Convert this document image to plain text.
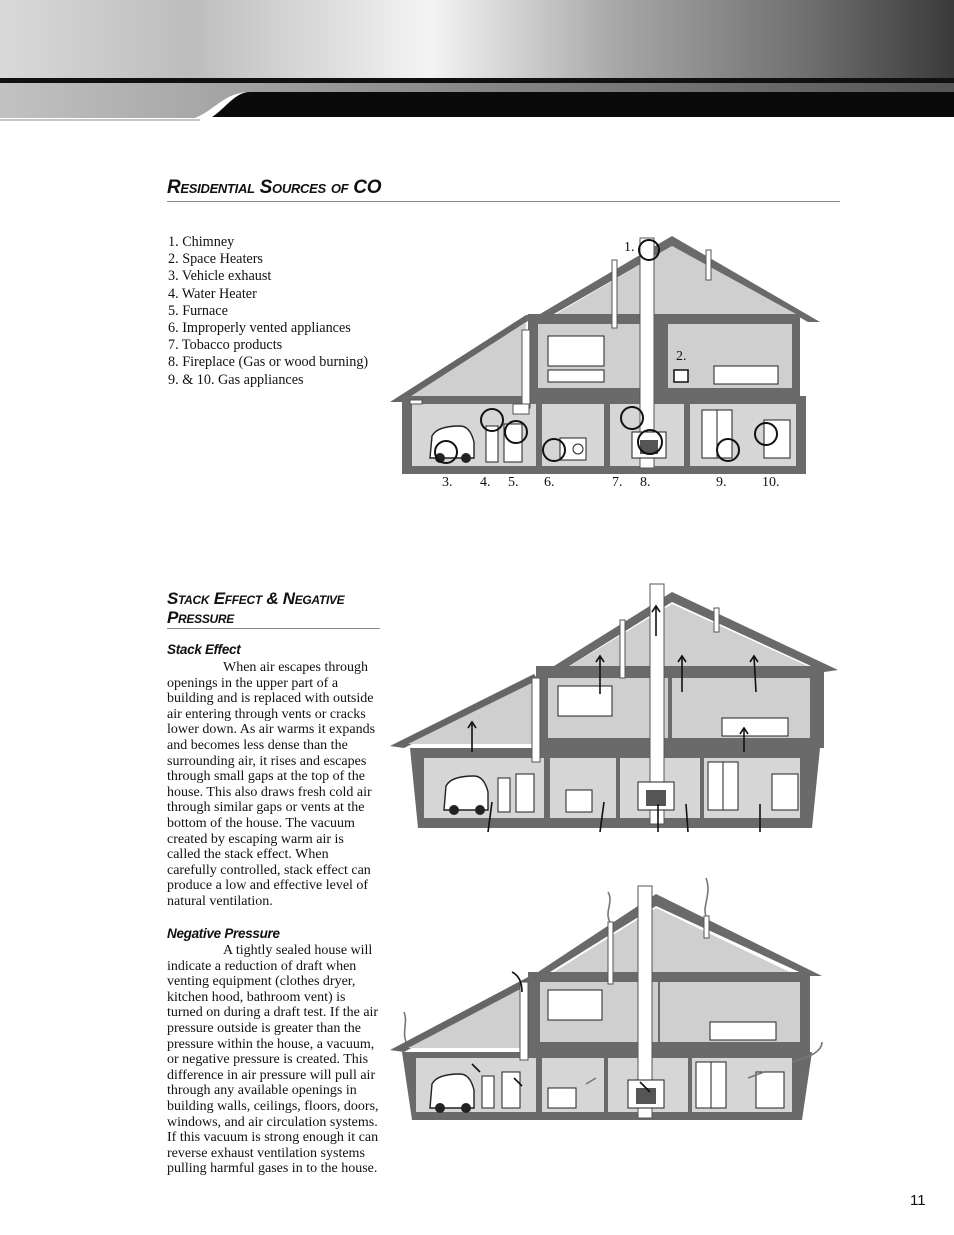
Residential Sources of CO
1. Chimney
2. Space Heaters
3. Vehicle exhaust
4. Water Heater
5. Furnace
6. Improperly vented appliances
7. Tobacco products
8. Fireplace (Gas or wood burning)
9. & 10. Gas appliances
1.
2.
3. 4. 5. 6.	7. 8.	9.	10.
Stack Effect & Negative
Pressure
Stack Effect

When air escapes through openings in the upper part of a building and is replaced with outside air entering through vents or cracks lower down. As air warms it expands and becomes less dense than the surrounding air, it rises and escapes through small gaps at the top of the house. This also draws fresh cold air through similar gaps or vents at the bottom of the house. The vacuum created by escaping warm air is called the stack effect. When carefully controlled, stack effect can produce a low and effective level of natural ventilation.

Negative Pressure

A tightly sealed house will indicate a reduction of draft when venting equipment (clothes dryer, kitchen hood, bathroom vent) is turned on during a draft test. If the air pressure outside is greater than the pressure within the house, a vacuum, or negative pressure is created. This difference in air pressure will pull air through any available openings in building walls, ceilings, floors, doors, windows, and air circulation systems. If this vacuum is strong enough it can reverse exhaust ventilation systems pulling harmful gases in to the house.

11
